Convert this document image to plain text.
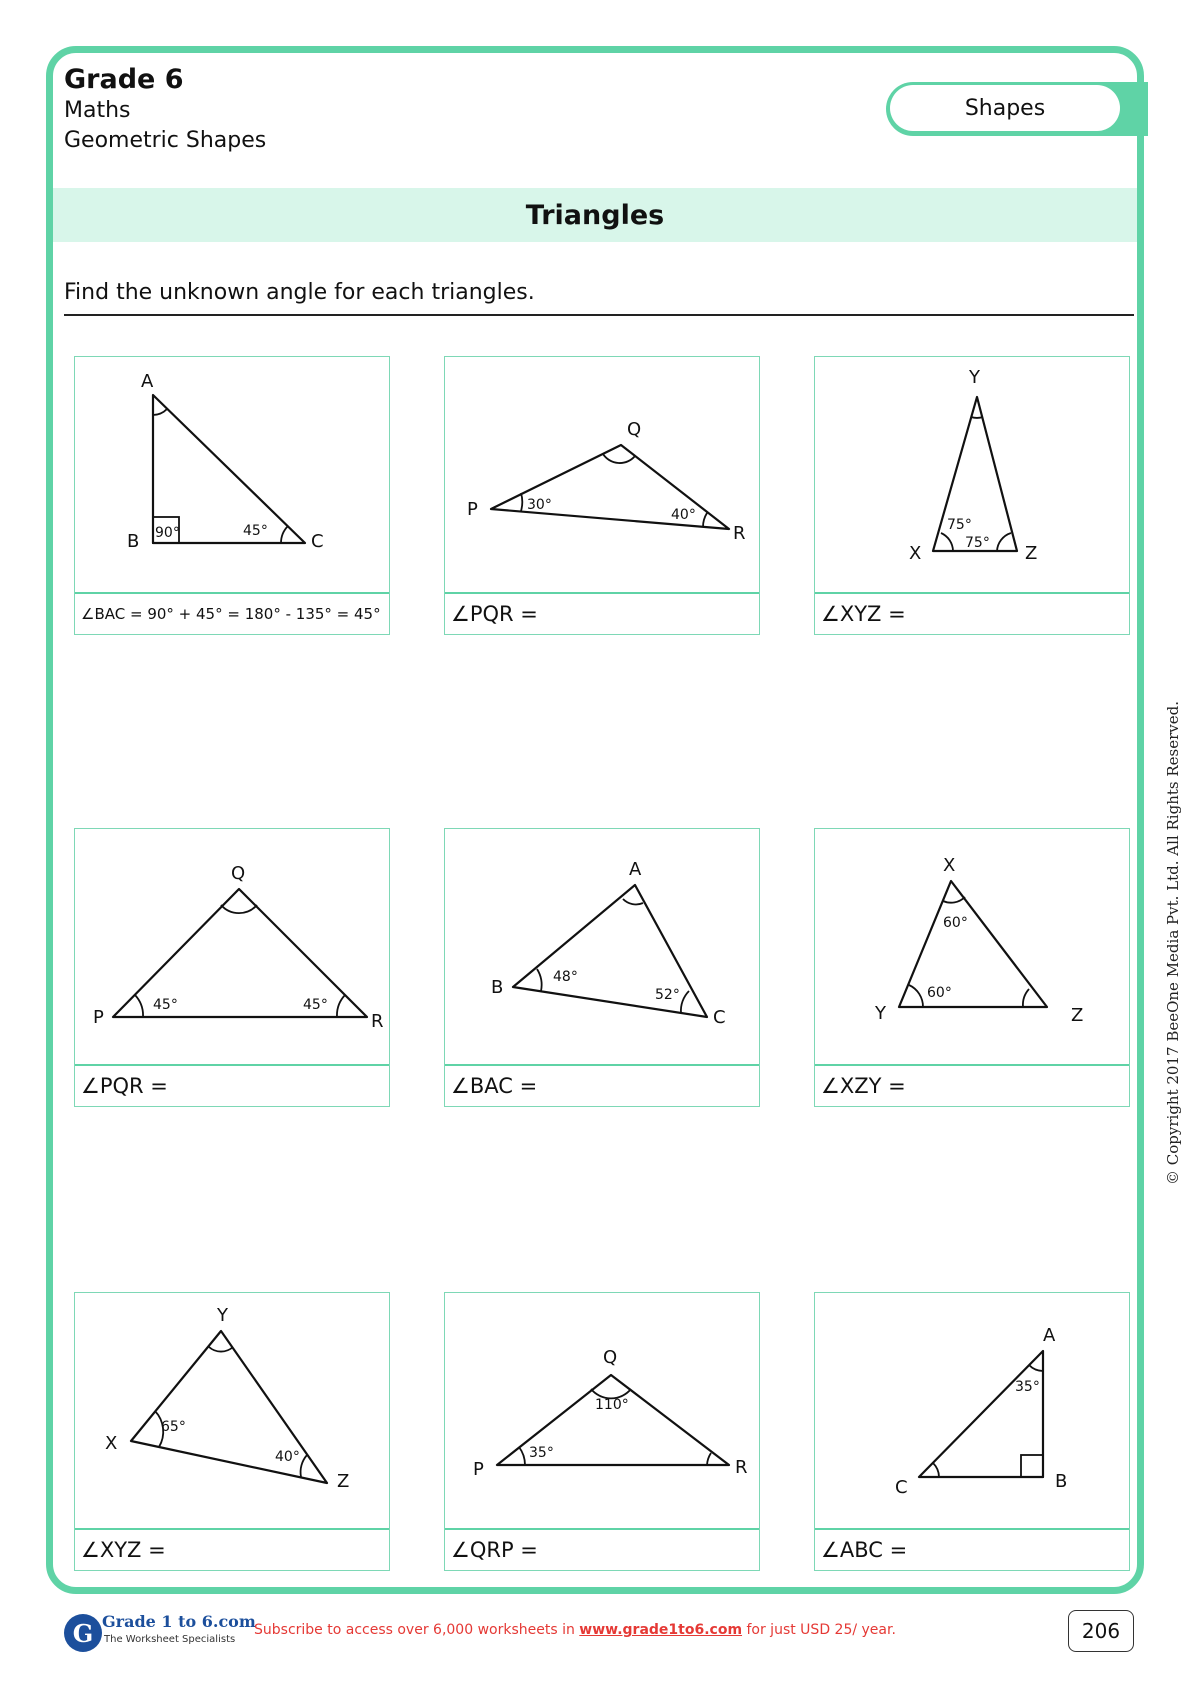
Grade 6
Maths
Geometric Shapes
Shapes
Triangles
Find the unknown angle for each triangles.
A
B	C
90°	45°
∠BAC = 90° + 45° = 180° - 135° = 45°
P
Q
R
30°
40°
∠PQR =
Y
X	Z
75°
75°
∠XYZ =
Q
P	R
45°	45°
∠PQR =
A
B
C
48°
52°
∠BAC =
X
Y	Z
60°
60°
∠XZY =
Y
X
Z
65°
40°
∠XYZ =
Q
P	R
110°
35°
∠QRP =
A
C	B
35°
∠ABC =
© Copyright 2017 BeeOne Media Pvt. Ltd. All Rights Reserved.
G Grade 1 to 6.com
The Worksheet Specialists
Subscribe to access over 6,000 worksheets in www.grade1to6.com for just USD 25/ year.	206
